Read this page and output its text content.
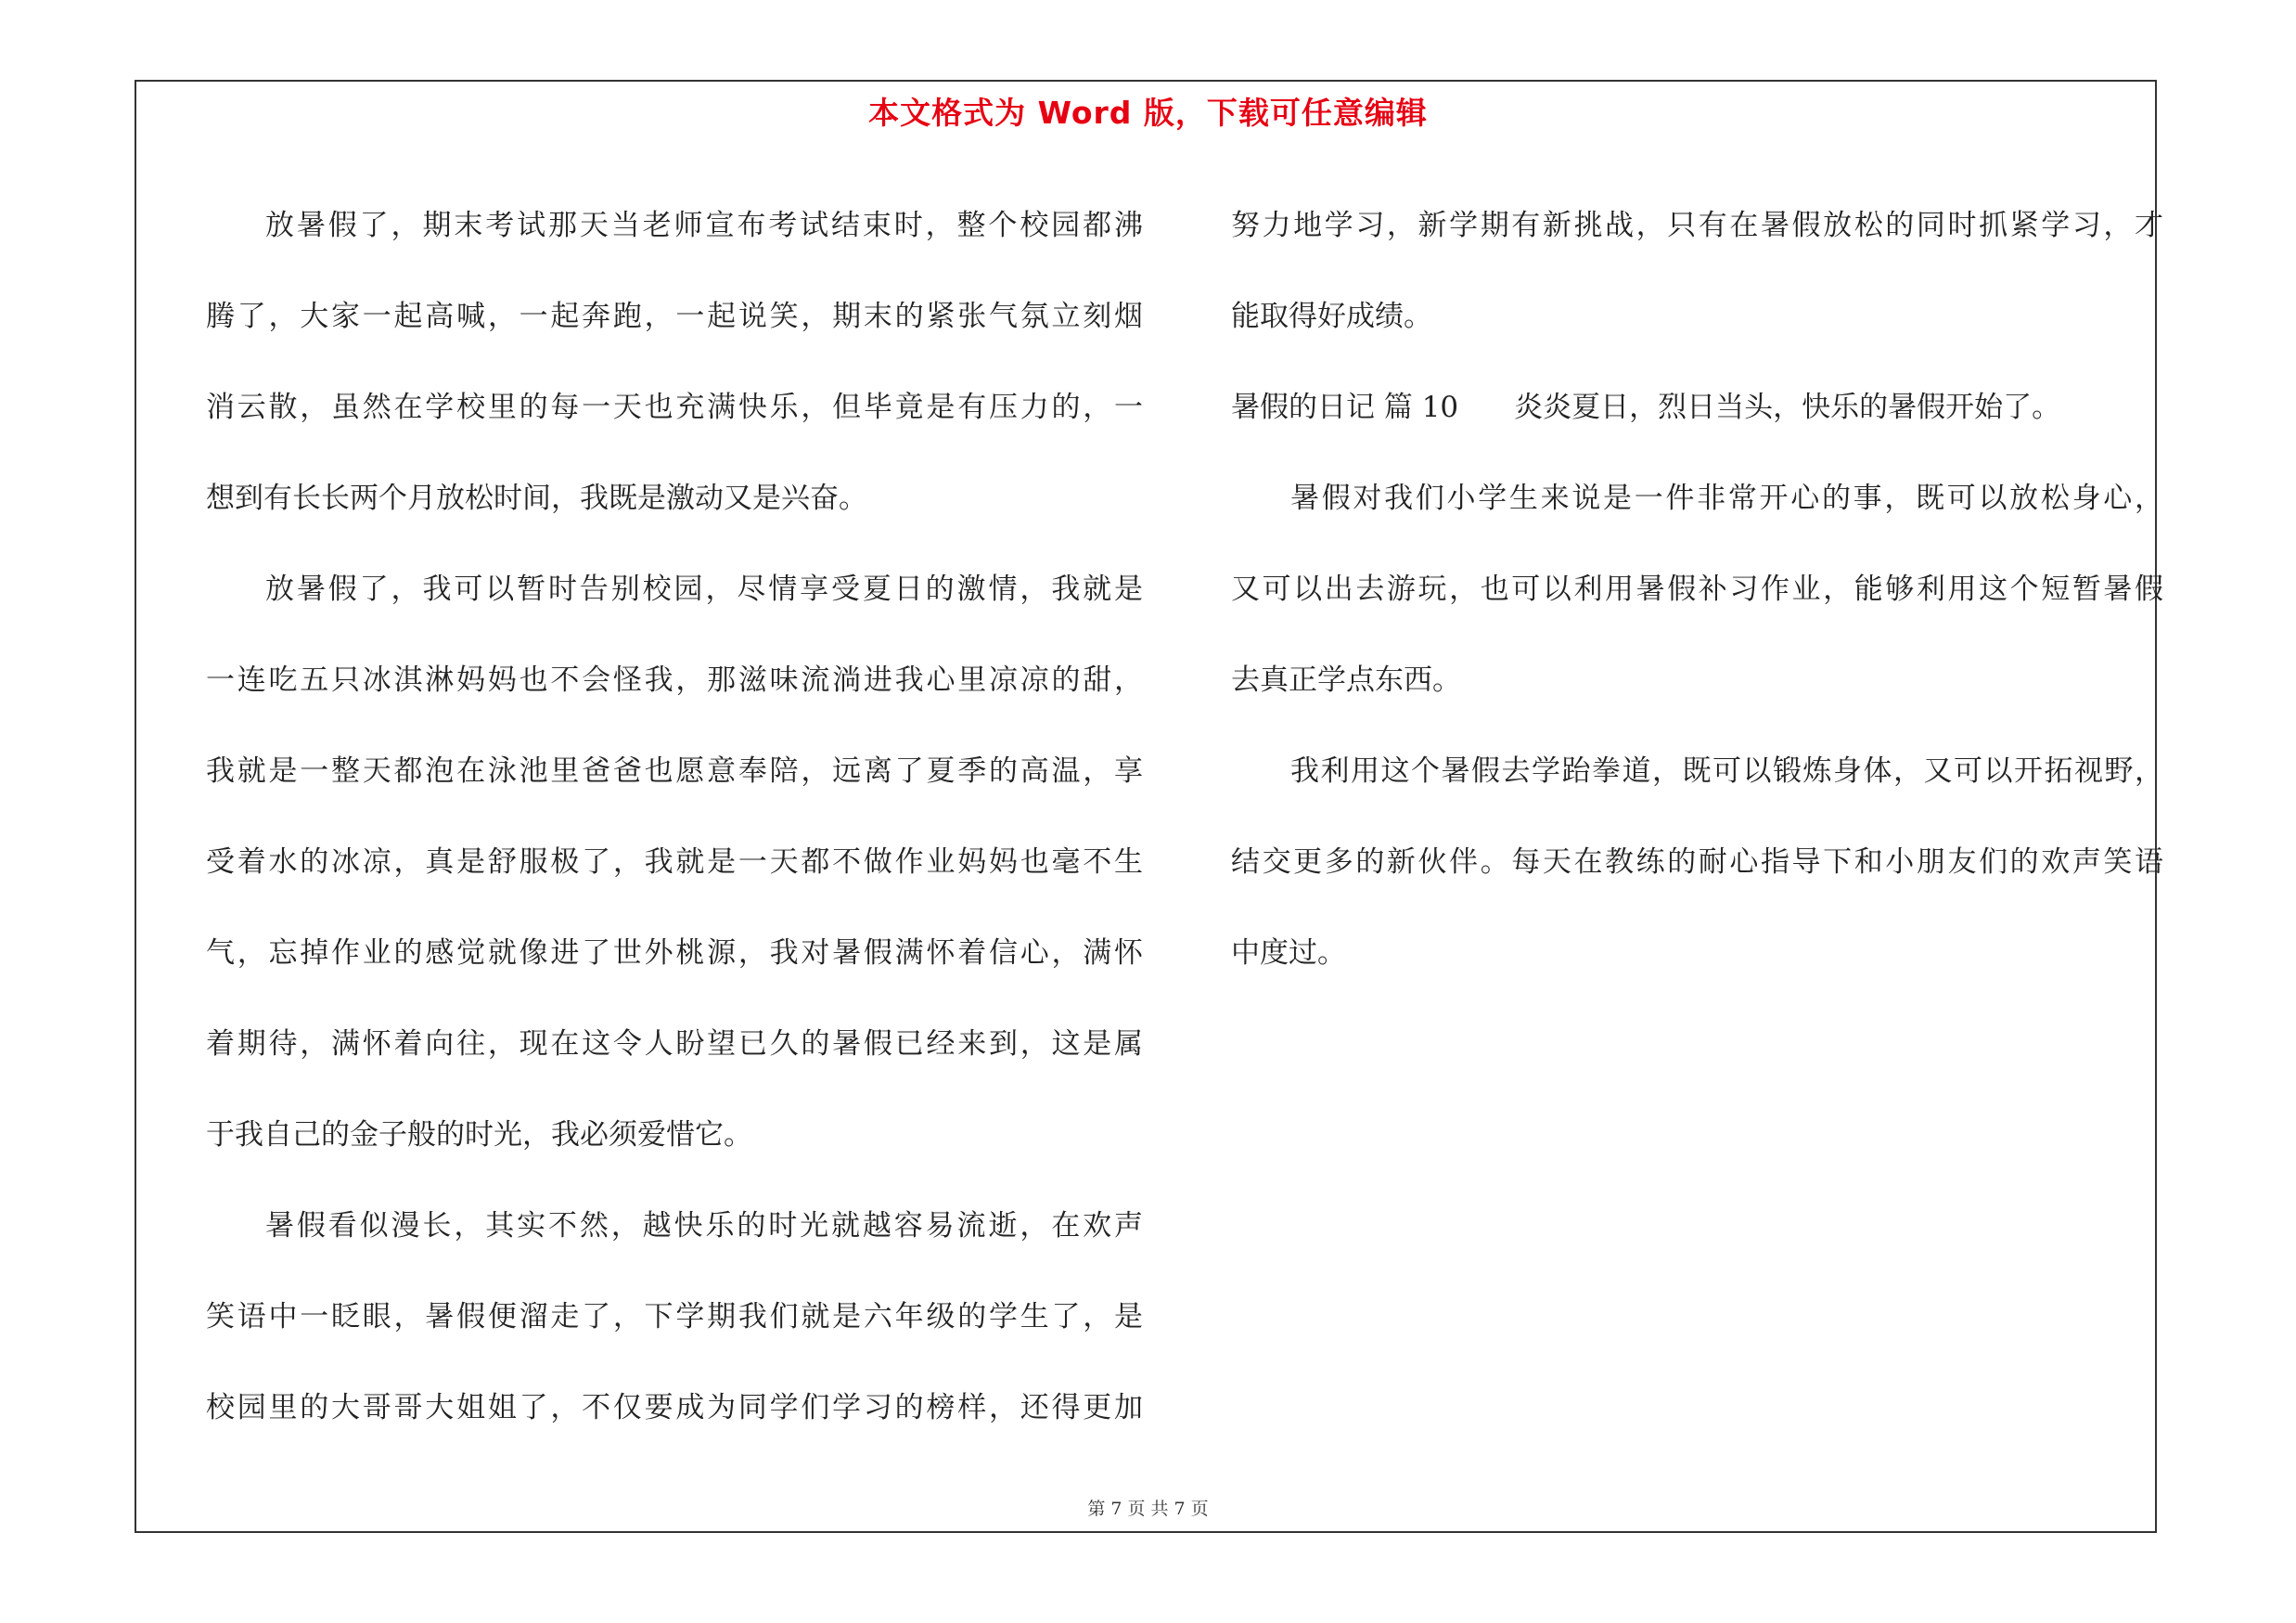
本文格式为 Word 版，下载可任意编辑
放暑假了，期末考试那天当老师宣布考试结束时，整个校园都沸
腾了，大家一起高喊，一起奔跑，一起说笑，期末的紧张气氛立刻烟
消云散，虽然在学校里的每一天也充满快乐，但毕竟是有压力的，一
想到有长长两个月放松时间，我既是激动又是兴奋。
放暑假了，我可以暂时告别校园，尽情享受夏日的激情，我就是
一连吃五只冰淇淋妈妈也不会怪我，那滋味流淌进我心里凉凉的甜，
我就是一整天都泡在泳池里爸爸也愿意奉陪，远离了夏季的高温，享
受着水的冰凉，真是舒服极了，我就是一天都不做作业妈妈也毫不生
气，忘掉作业的感觉就像进了世外桃源，我对暑假满怀着信心，满怀
着期待，满怀着向往，现在这令人盼望已久的暑假已经来到，这是属
于我自己的金子般的时光，我必须爱惜它。
暑假看似漫长，其实不然，越快乐的时光就越容易流逝，在欢声
笑语中一眨眼，暑假便溜走了，下学期我们就是六年级的学生了，是
校园里的大哥哥大姐姐了，不仅要成为同学们学习的榜样，还得更加
努力地学习，新学期有新挑战，只有在暑假放松的同时抓紧学习，才
能取得好成绩。
暑假的日记 篇 10 炎炎夏日，烈日当头，快乐的暑假开始了。
暑假对我们小学生来说是一件非常开心的事，既可以放松身心，
又可以出去游玩，也可以利用暑假补习作业，能够利用这个短暂暑假
去真正学点东西。
我利用这个暑假去学跆拳道，既可以锻炼身体，又可以开拓视野，
结交更多的新伙伴。每天在教练的耐心指导下和小朋友们的欢声笑语
中度过。
第 7 页 共 7 页
